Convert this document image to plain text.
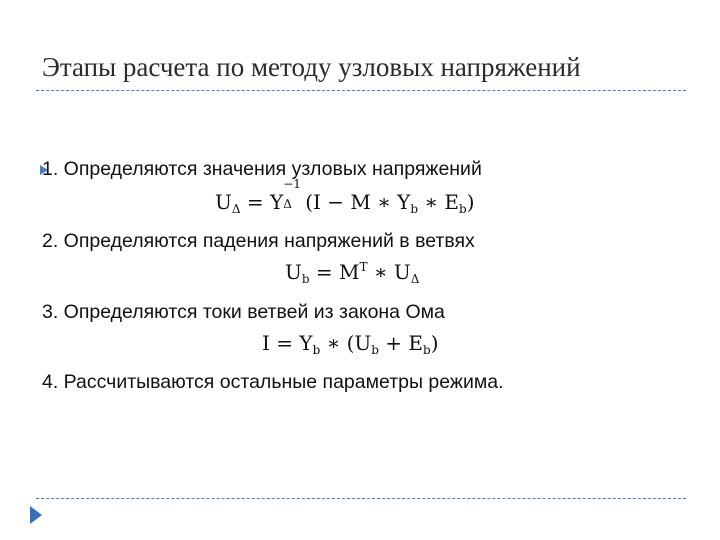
Этапы расчета по методу узловых напряжений
1. Определяются значения узловых напряжений
$U_\Delta = Y$
−1
Δ (I − M ∗ $Y_b$ ∗ $E_b$)
2. Определяются падения напряжений в ветвях
$U_b = M^T$ ∗ $U_\Delta$
3. Определяются токи ветвей из закона Ома
$I = Y_b$ ∗ $(U_b + E_b)$
4. Рассчитываются остальные параметры режима.
